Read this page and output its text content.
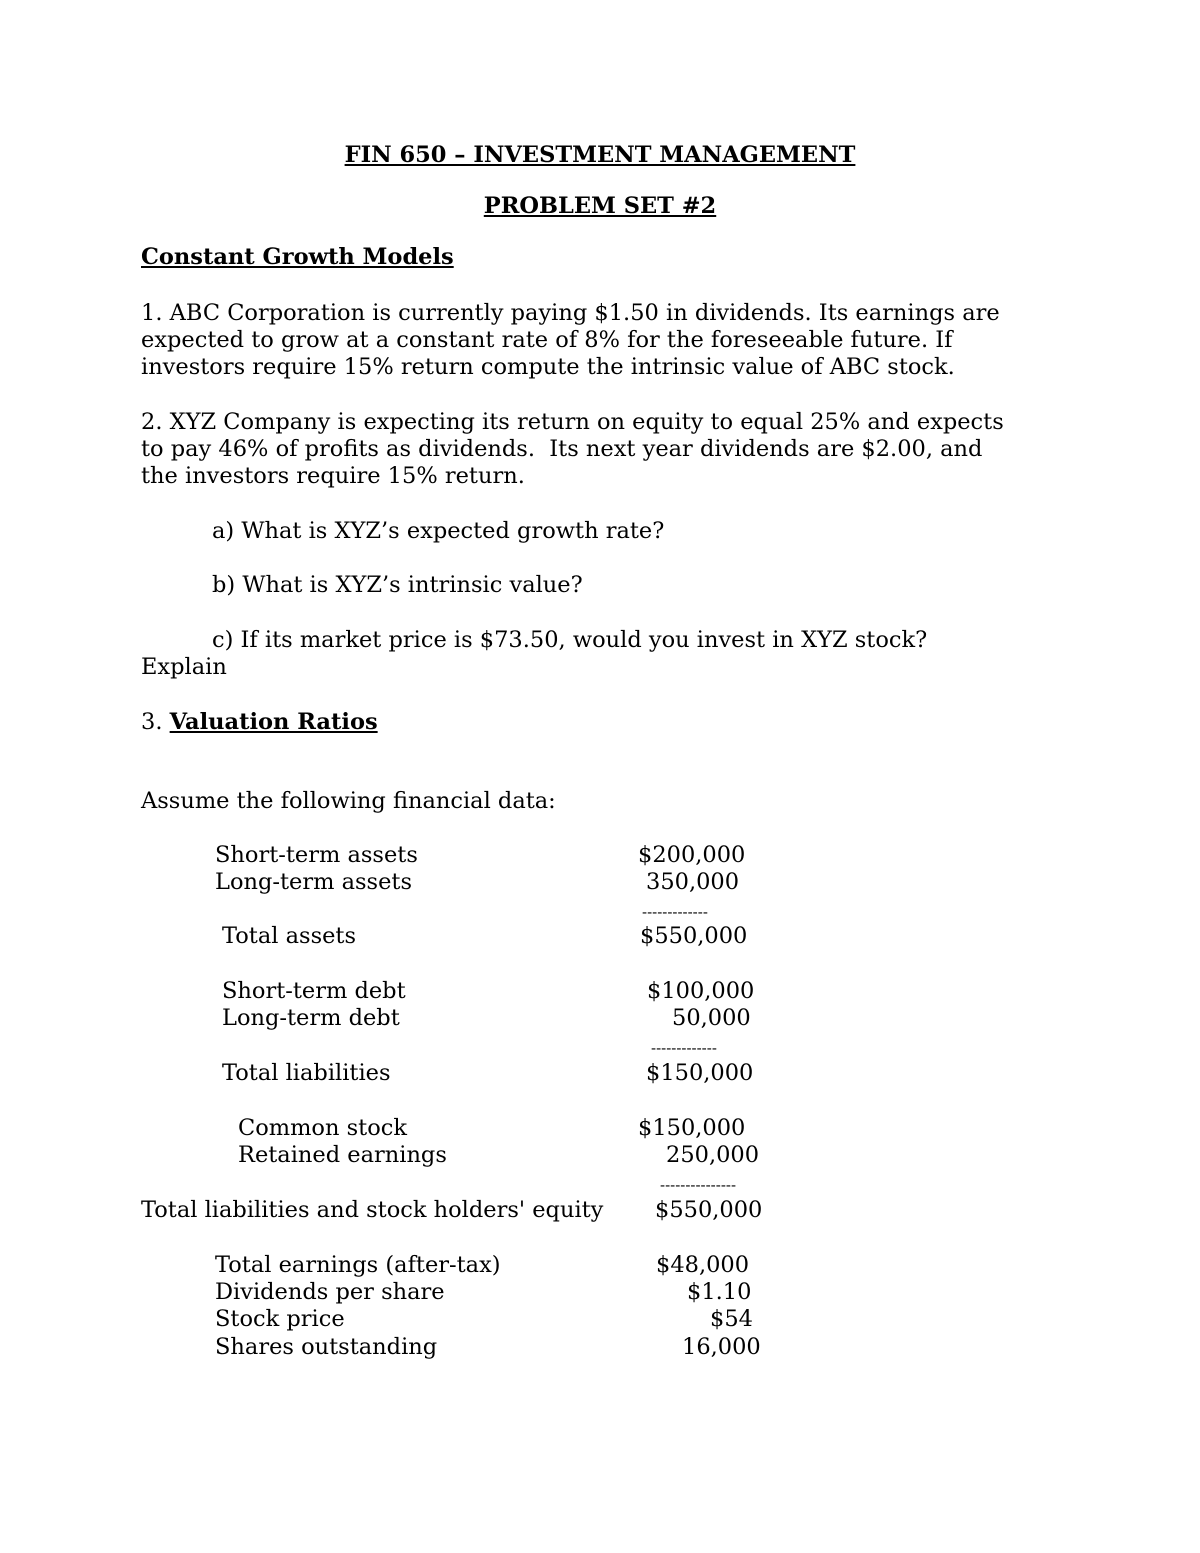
FIN 650 – INVESTMENT MANAGEMENT
PROBLEM SET #2
Constant Growth Models
1. ABC Corporation is currently paying $1.50 in dividends. Its earnings are
expected to grow at a constant rate of 8% for the foreseeable future. If
investors require 15% return compute the intrinsic value of ABC stock.
2. XYZ Company is expecting its return on equity to equal 25% and expects
to pay 46% of profits as dividends.  Its next year dividends are $2.00, and
the investors require 15% return.
a) What is XYZ’s expected growth rate?
b) What is XYZ’s intrinsic value?
c) If its market price is $73.50, would you invest in XYZ stock?
Explain
3. Valuation Ratios
Assume the following financial data:
Short-term assets	$200,000
Long-term assets	350,000
-------------
Total assets	$550,000
Short-term debt	$100,000
Long-term debt	50,000
-------------
Total liabilities	$150,000
Common stock	$150,000
Retained earnings	250,000
---------------
Total liabilities and stock holders' equity $550,000
Total earnings (after-tax)	$48,000
Dividends per share	$1.10
Stock price	$54
Shares outstanding	16,000
